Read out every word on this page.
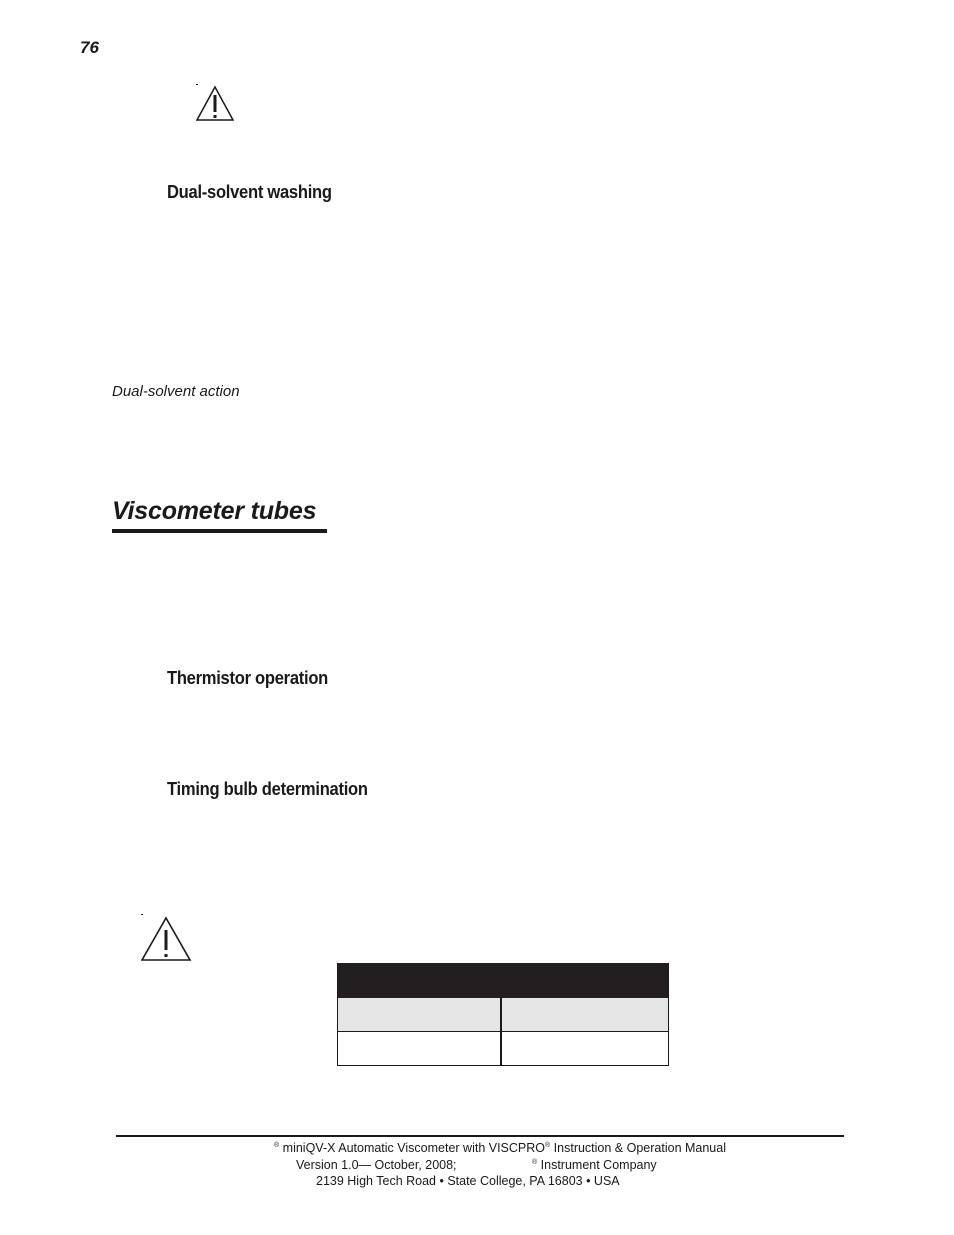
76
Dual-solvent washing
Dual-solvent action
Viscometer tubes
Thermistor operation
Timing bulb determination

® miniQV-X Automatic Viscometer with VISCPRO® Instruction & Operation Manual
Version 1.0— October, 2008;	® Instrument Company
2139 High Tech Road • State College, PA 16803 • USA
